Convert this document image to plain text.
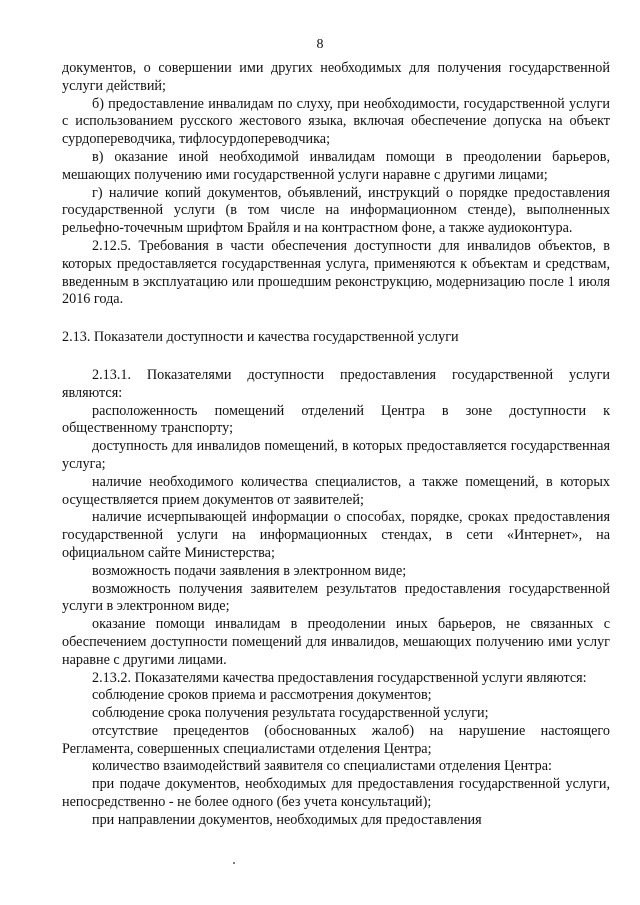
8

документов, о совершении ими других необходимых для получения государственной услуги действий;

б) предоставление инвалидам по слуху, при необходимости, государственной услуги с использованием русского жестового языка, включая обеспечение допуска на объект сурдопереводчика, тифлосурдопереводчика;

в) оказание иной необходимой инвалидам помощи в преодолении барьеров, мешающих получению ими государственной услуги наравне с другими лицами;

г) наличие копий документов, объявлений, инструкций о порядке предоставления государственной услуги (в том числе на информационном стенде), выполненных рельефно-точечным шрифтом Брайля и на контрастном фоне, а также аудиоконтура.

2.12.5. Требования в части обеспечения доступности для инвалидов объектов, в которых предоставляется государственная услуга, применяются к объектам и средствам, введенным в эксплуатацию или прошедшим реконструкцию, модернизацию после 1 июля 2016 года.

2.13. Показатели доступности и качества государственной услуги

2.13.1. Показателями доступности предоставления государственной услуги являются:

расположенность помещений отделений Центра в зоне доступности к общественному транспорту;

доступность для инвалидов помещений, в которых предоставляется государственная услуга;

наличие необходимого количества специалистов, а также помещений, в которых осуществляется прием документов от заявителей;

наличие исчерпывающей информации о способах, порядке, сроках предоставления государственной услуги на информационных стендах, в сети «Интернет», на официальном сайте Министерства;

возможность подачи заявления в электронном виде;

возможность получения заявителем результатов предоставления государственной услуги в электронном виде;

оказание помощи инвалидам в преодолении иных барьеров, не связанных с обеспечением доступности помещений для инвалидов, мешающих получению ими услуг наравне с другими лицами.

2.13.2. Показателями качества предоставления государственной услуги являются:

соблюдение сроков приема и рассмотрения документов;

соблюдение срока получения результата государственной услуги;

отсутствие прецедентов (обоснованных жалоб) на нарушение настоящего Регламента, совершенных специалистами отделения Центра;

количество взаимодействий заявителя со специалистами отделения Центра:

при подаче документов, необходимых для предоставления государственной услуги, непосредственно - не более одного (без учета консультаций);

при направлении документов, необходимых для предоставления
